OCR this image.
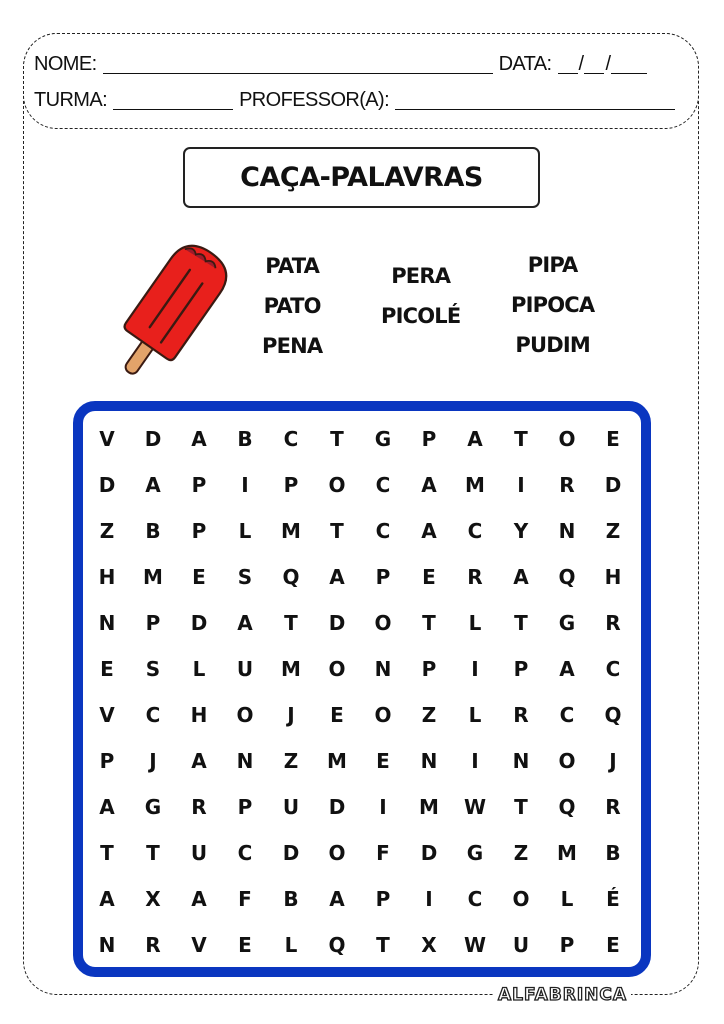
NOME:	DATA: / /
TURMA:	PROFESSOR(A):
CAÇA-PALAVRAS
PATA
PATO
PENA
PERA
PICOLÉ
PIPA
PIPOCA
PUDIM
V	D	A	B	C	T	G	P	A	T	O	E
D	A	P	I	P	O	C	A	M	I	R	D
Z	B	P	L	M	T	C	A	C	Y	N	Z
H	M	E	S	Q	A	P	E	R	A	Q	H
N	P	D	A	T	D	O	T	L	T	G	R
E	S	L	U	M	O	N	P	I	P	A	C
V	C	H	O	J	E	O	Z	L	R	C	Q
P	J	A	N	Z	M	E	N	I	N	O	J
A	G	R	P	U	D	I	M	W	T	Q	R
T	T	U	C	D	O	F	D	G	Z	M	B
A	X	A	F	B	A	P	I	C	O	L	É
N	R	V	E	L	Q	T	X	W	U	P	E
ALFABRINCA
